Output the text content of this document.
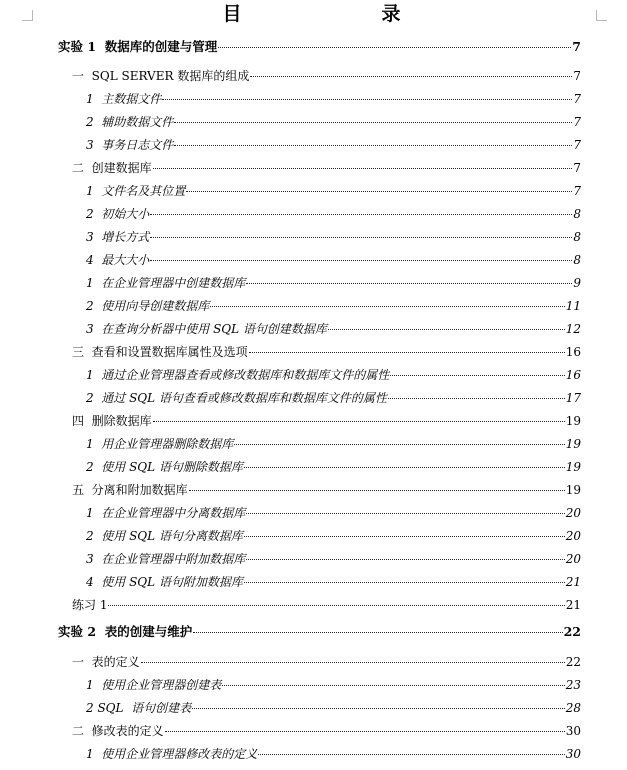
目　　录
实验 1  数据库的创建与管理	7
一  SQL SERVER 数据库的组成	7
1  主数据文件	7
2  辅助数据文件	7
3  事务日志文件	7
二  创建数据库	7
1  文件名及其位置	7
2  初始大小	8
3  增长方式	8
4  最大大小	8
1  在企业管理器中创建数据库	9
2  使用向导创建数据库	11
3  在查询分析器中使用 SQL 语句创建数据库	12
三  查看和设置数据库属性及选项	16
1  通过企业管理器查看或修改数据库和数据库文件的属性	16
2  通过 SQL 语句查看或修改数据库和数据库文件的属性	17
四  删除数据库	19
1  用企业管理器删除数据库	19
2  使用 SQL 语句删除数据库	19
五  分离和附加数据库	19
1  在企业管理器中分离数据库	20
2  使用 SQL 语句分离数据库	20
3  在企业管理器中附加数据库	20
4  使用 SQL 语句附加数据库	21
练习 1	21
实验 2  表的创建与维护	22
一  表的定义	22
1  使用企业管理器创建表	23
2 SQL  语句创建表	28
二  修改表的定义	30
1  使用企业管理器修改表的定义	30
